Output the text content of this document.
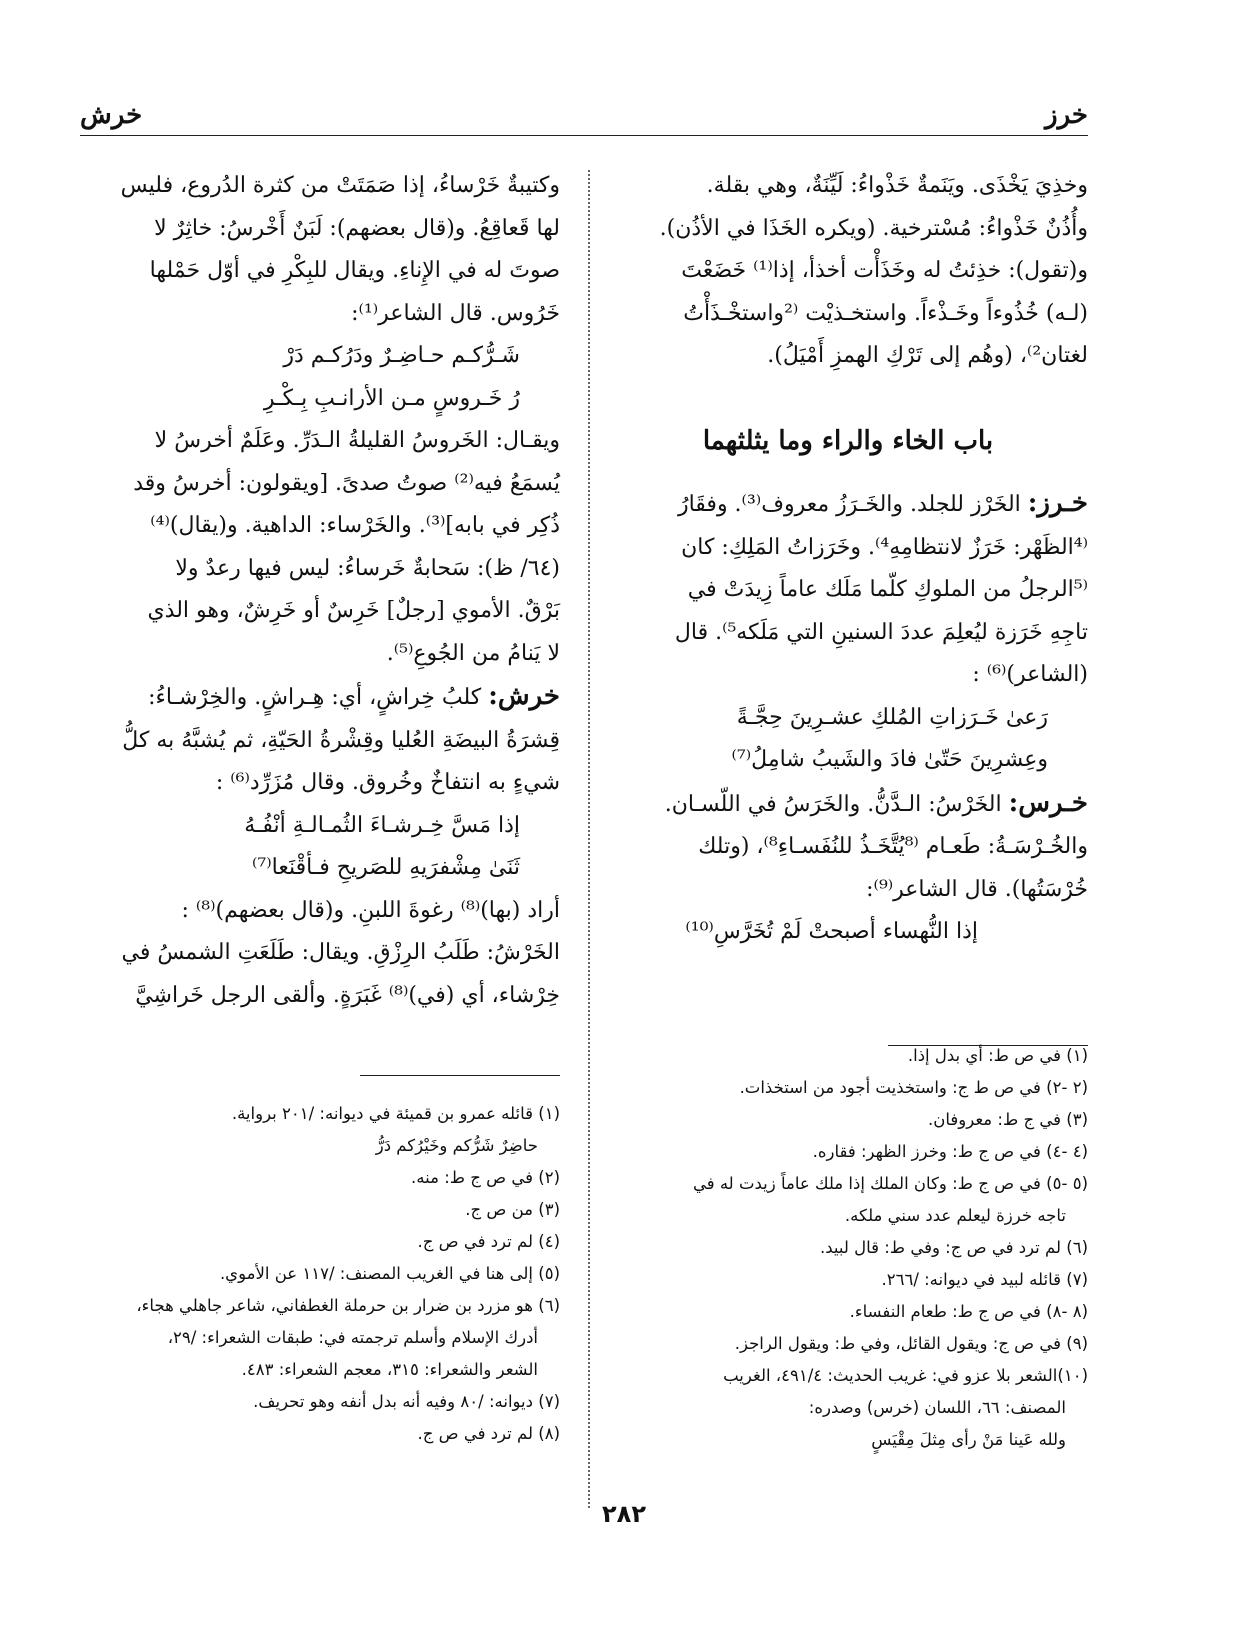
خرز
خرش

وخذِيَ يَخْذَى. ويَنَمةٌ خَذْواءُ: لَيِّنَةٌ، وهي بقلة.

وأُذُنٌ خَذْواءُ: مُسْترخية. (ويكره الخَذَا في الأذُن).

و(تقول): خذِئتُ له وخَذَأْت أخذأ، إذا⁽¹⁾ خَضَعْتَ

(لـه) خُذُوءاً وخَـذْءاً. واستخـذيْت ⁽²واستخْـذَأْتُ

لغتان²⁾، (وهُم إلى تَرْكِ الهمزِ أَمْيَلُ).

باب الخاء والراء وما يثلثهما

خـرز: الخَرْز للجلد. والخَـرَزُ معروف⁽³⁾. وفقَارُ

⁽⁴الظَهْر: خَرَزٌ لانتظامِهِ⁴⁾. وخَرَزاتُ المَلِكِ: كان

⁽⁵الرجلُ من الملوكِ كلّما مَلَك عاماً زِيدَتْ في

تاجِهِ خَرَزة ليُعلِمَ عددَ السنينِ التي مَلَكه⁵⁾. قال

(الشاعر)⁽⁶⁾ :

رَعىٰ خَـرَزاتِ المُلكِ عشـرِينَ حِجَّـةً

وعِشرِينَ حَتّىٰ فادَ والشَيبُ شامِلُ⁽⁷⁾

خـرس: الخَرْسُ: الـدَّنُّ. والخَرَسُ في اللّسـان.

والخُـرْسَـةُ: طَعـام ⁽⁸يُتَّخَـذُ للنُفَسـاءِ⁸⁾، (وتلك

خُرْسَتُها). قال الشاعر⁽⁹⁾:

إذا النُّهساء أصبحتْ لَمْ تُخَرَّسِ⁽¹⁰⁾

وكتيبةٌ خَرْساءُ، إذا صَمَتَتْ من كثرة الدُروع، فليس

لها قَعاقِعُ. و(قال بعضهم): لَبَنٌ أَخْرسُ: خاثِرٌ لا

صوتَ له في الإِناءِ. ويقال للبِكْرِ في أوّل حَمْلها

خَرُوس. قال الشاعر⁽¹⁾:

شَـرُّكـم حـاضِـرٌ ودَرُكـم دَرْ

رُ خَـروسٍ مـن الأرانـبِ بِـكْـرِ

ويقـال: الخَروسُ القليلةُ الـدَرِّ. وعَلَمٌ أخرسُ لا

يُسمَعُ فيه⁽²⁾ صوتُ صدىً. [ويقولون: أخرسُ وقد

ذُكِر في بابه]⁽³⁾. والخَرْساء: الداهية. و(يقال)⁽⁴⁾

(٦٤/ ظ): سَحابةٌ خَرساءُ: ليس فيها رعدٌ ولا

بَرْقٌ. الأموي [رجلٌ] خَرِسٌ أو خَرِشٌ، وهو الذي

لا يَنامُ من الجُوعِ⁽⁵⁾.

خرش: كلبُ خِراشٍ، أي: هِـراشٍ. والخِرْشـاءُ:

قِشرَةُ البيضَةِ العُليا وقِشْرةُ الحَيّةِ، ثم يُشبَّهُ به كلُّ

شيءٍ به انتفاخٌ وخُروق. وقال مُزَرِّد⁽⁶⁾ :

إذا مَسَّ خِـرشـاءَ الثُمـالـةِ أنْفُـهُ

ثَنَىٰ مِشْفرَيهِ للصَريحِ فـأقْنَعا⁽⁷⁾

أراد (بها)⁽⁸⁾ رغوةَ اللبنِ. و(قال بعضهم)⁽⁸⁾ :

الخَرْشُ: طَلَبُ الرِزْقِ. ويقال: طَلَعَتِ الشمسُ في

خِرْشاء، أي (في)⁽⁸⁾ غَبَرَةٍ. وألقى الرجل خَراشِيَّ

(١) في ص ط: أي بدل إذا.

(٢ -٢) في ص ط ج: واستخذيت أجود من استخذات.

(٣) في ج ط: معروفان.

(٤ -٤) في ص ج ط: وخرز الظهر: فقاره.

(٥ -٥) في ص ج ط: وكان الملك إذا ملك عاماً زيدت له في

تاجه خرزة ليعلم عدد سني ملكه.

(٦) لم ترد في ص ج: وفي ط: قال لبيد.

(٧) قائله لبيد في ديوانه: /٢٦٦.

(٨ -٨) في ص ج ط: طعام النفساء.

(٩) في ص ج: ويقول القائل، وفي ط: ويقول الراجز.

(١٠)الشعر بلا عزو في: غريب الحديث: ٤٩١/٤، الغريب

المصنف: ٦٦، اللسان (خرس) وصدره:

ولله عَينا مَنْ رأى مِثلَ مِقْيَسٍ

(١) قائله عمرو بن قميئة في ديوانه: /٢٠١ برواية.

حاضِرٌ شَرُّكم وخَيْرُكم دَرُّ

(٢) في ص ج ط: منه.

(٣) من ص ج.

(٤) لم ترد في ص ج.

(٥) إلى هنا في الغريب المصنف: /١١٧ عن الأموي.

(٦) هو مزرد بن ضرار بن حرملة الغطفاني، شاعر جاهلي هجاء،

أدرك الإسلام وأسلم ترجمته في: طبقات الشعراء: /٢٩،

الشعر والشعراء: ٣١٥، معجم الشعراء: ٤٨٣.

(٧) ديوانه: /٨٠ وفيه أنه بدل أنفه وهو تحريف.

(٨) لم ترد في ص ج.

٢٨٢
